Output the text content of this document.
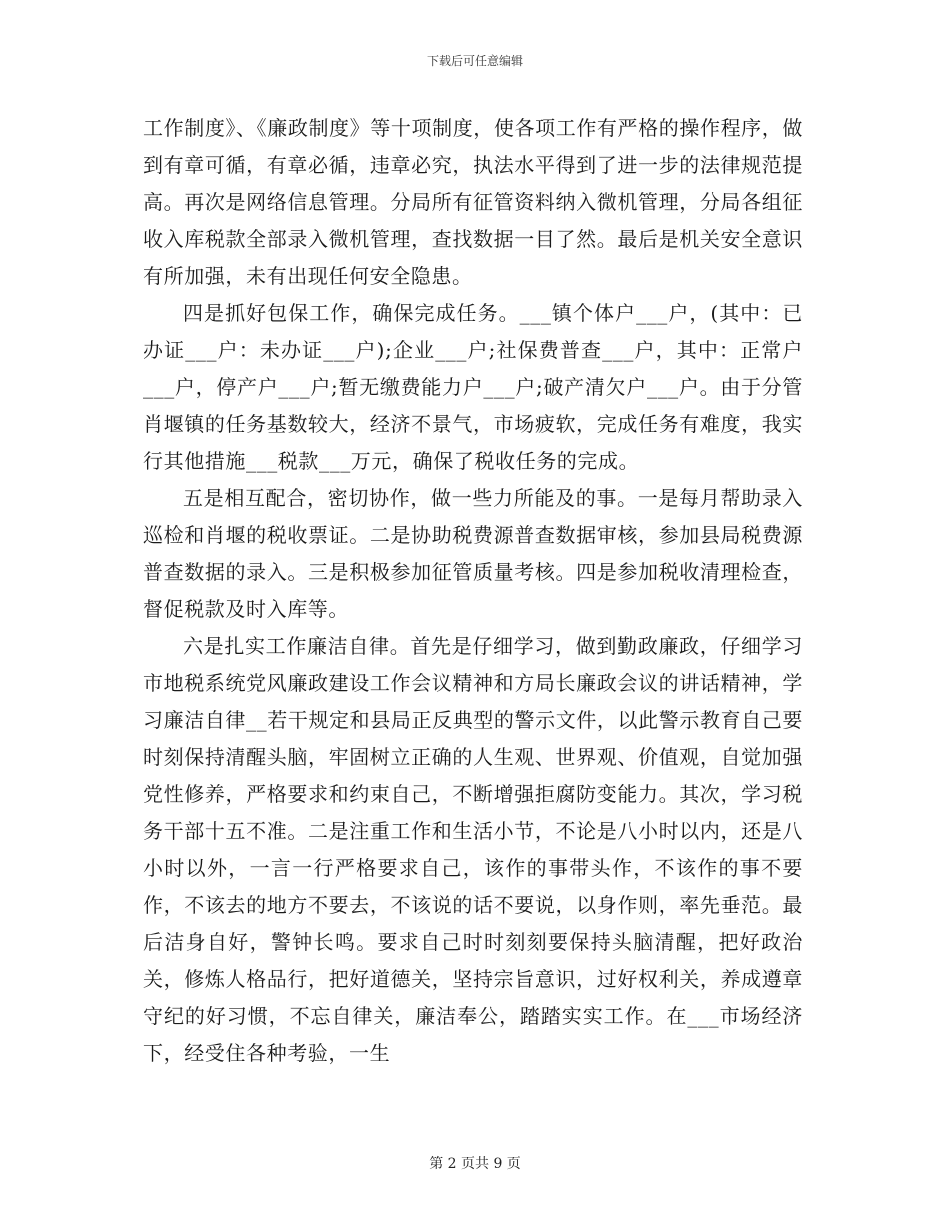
下载后可任意编辑

工作制度》、《廉政制度》等十项制度，使各项工作有严格的操作程序，做到有章可循，有章必循，违章必究，执法水平得到了进一步的法律规范提高。再次是网络信息管理。分局所有征管资料纳入微机管理，分局各组征收入库税款全部录入微机管理，查找数据一目了然。最后是机关安全意识有所加强，未有出现任何安全隐患。

四是抓好包保工作，确保完成任务。___镇个体户___户，(其中：已办证___户：未办证___户);企业___户;社保费普查___户，其中：正常户___户，停产户___户;暂无缴费能力户___户;破产清欠户___户。由于分管肖堰镇的任务基数较大，经济不景气，市场疲软，完成任务有难度，我实行其他措施___税款___万元，确保了税收任务的完成。

五是相互配合，密切协作，做一些力所能及的事。一是每月帮助录入巡检和肖堰的税收票证。二是协助税费源普查数据审核，参加县局税费源普查数据的录入。三是积极参加征管质量考核。四是参加税收清理检查，督促税款及时入库等。

六是扎实工作廉洁自律。首先是仔细学习，做到勤政廉政，仔细学习市地税系统党风廉政建设工作会议精神和方局长廉政会议的讲话精神，学习廉洁自律__若干规定和县局正反典型的警示文件，以此警示教育自己要时刻保持清醒头脑，牢固树立正确的人生观、世界观、价值观，自觉加强党性修养，严格要求和约束自己，不断增强拒腐防变能力。其次，学习税务干部十五不准。二是注重工作和生活小节，不论是八小时以内，还是八小时以外，一言一行严格要求自己，该作的事带头作，不该作的事不要作，不该去的地方不要去，不该说的话不要说，以身作则，率先垂范。最后洁身自好，警钟长鸣。要求自己时时刻刻要保持头脑清醒，把好政治关，修炼人格品行，把好道德关，坚持宗旨意识，过好权利关，养成遵章守纪的好习惯，不忘自律关，廉洁奉公，踏踏实实工作。在___市场经济下，经受住各种考验，一生

第 2 页共 9 页
